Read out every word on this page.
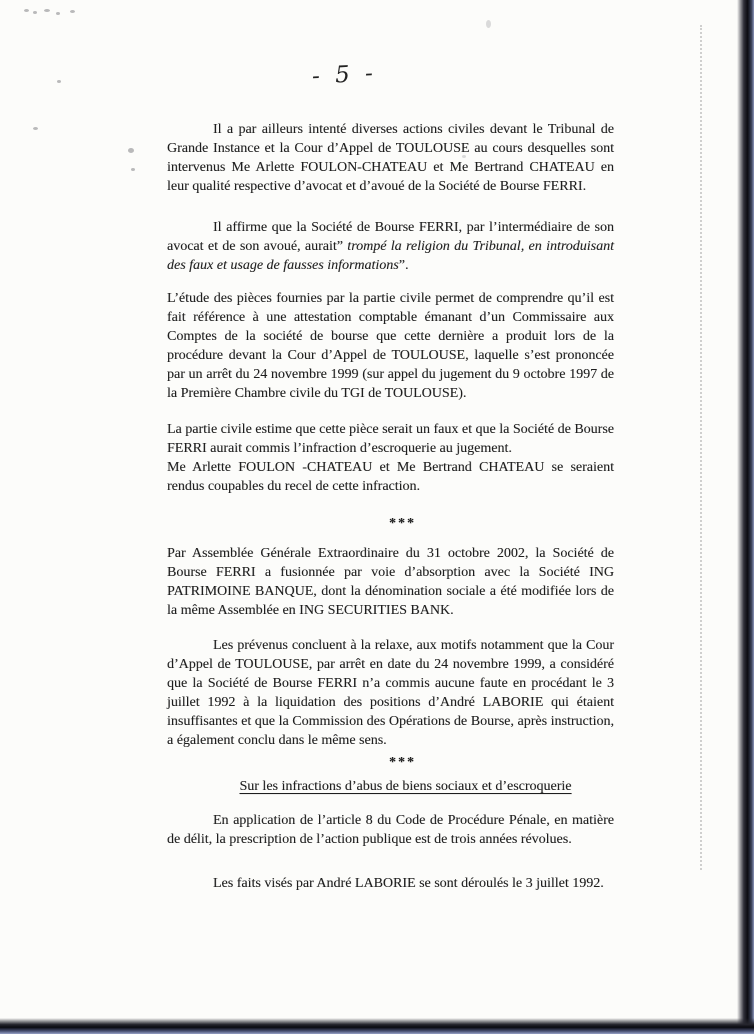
- 5 -

Il a par ailleurs intenté diverses actions civiles devant le Tribunal de Grande Instance et la Cour d’Appel de TOULOUSE au cours desquelles sont intervenus Me Arlette FOULON-CHATEAU et Me Bertrand CHATEAU en leur qualité respective d’avocat et d’avoué de la Société de Bourse FERRI.

Il affirme que la Société de Bourse FERRI, par l’intermédiaire de son avocat et de son avoué, aurait” trompé la religion du Tribunal, en introduisant des faux et usage de fausses informations”.

L’étude des pièces fournies par la partie civile permet de comprendre qu’il est fait référence à une attestation comptable émanant d’un Commissaire aux Comptes de la société de bourse que cette dernière a produit lors de la procédure devant la Cour d’Appel de TOULOUSE, laquelle s’est prononcée par un arrêt du 24 novembre 1999 (sur appel du jugement du 9 octobre 1997 de la Première Chambre civile du TGI de TOULOUSE).

La partie civile estime que cette pièce serait un faux et que la Société de Bourse FERRI aurait commis l’infraction d’escroquerie au jugement.

Me Arlette FOULON -CHATEAU et Me Bertrand CHATEAU se seraient rendus coupables du recel de cette infraction.

***

Par Assemblée Générale Extraordinaire du 31 octobre 2002, la Société de Bourse FERRI a fusionnée par voie d’absorption avec la Société ING PATRIMOINE BANQUE, dont la dénomination sociale a été modifiée lors de la même Assemblée en ING SECURITIES BANK.

Les prévenus concluent à la relaxe, aux motifs notamment que la Cour d’Appel de TOULOUSE, par arrêt en date du 24 novembre 1999, a considéré que la Société de Bourse FERRI n’a commis aucune faute en procédant le 3 juillet 1992 à la liquidation des positions d’André LABORIE qui étaient insuffisantes et que la Commission des Opérations de Bourse, après instruction, a également conclu dans le même sens.

***

Sur les infractions d’abus de biens sociaux et d’escroquerie

En application de l’article 8 du Code de Procédure Pénale, en matière de délit, la prescription de l’action publique est de trois années révolues.

Les faits visés par André LABORIE se sont déroulés le 3 juillet 1992.
